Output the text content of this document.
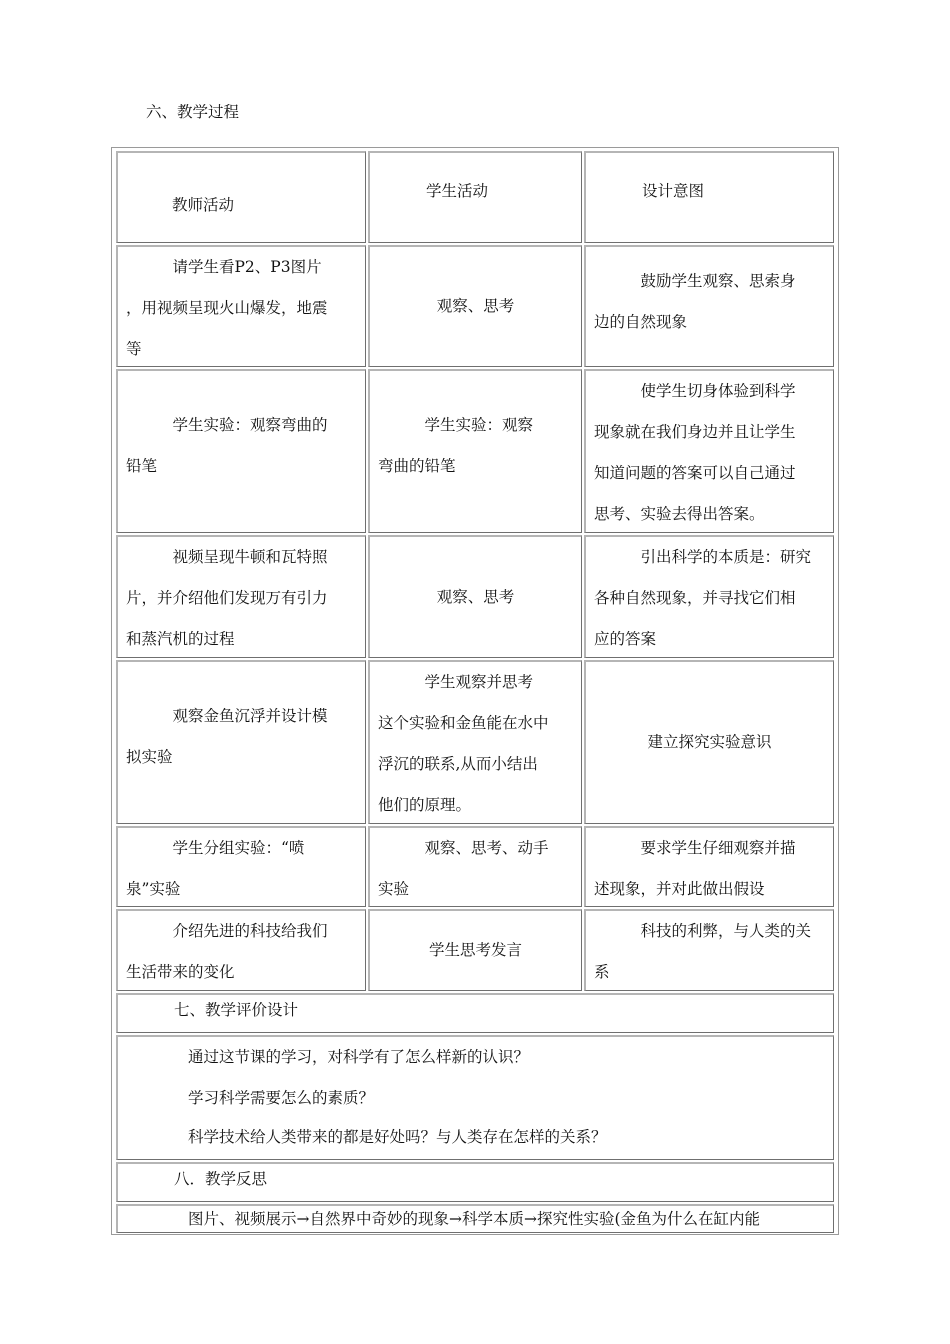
六、教学过程

教师活动

学生活动	设计意图

请学生看P2、P3图片

，用视频呈现火山爆发，地震

等

观察、思考

鼓励学生观察、思索身

边的自然现象

学生实验：观察弯曲的

铅笔

学生实验：观察

弯曲的铅笔

使学生切身体验到科学

现象就在我们身边并且让学生

知道问题的答案可以自己通过

思考、实验去得出答案。

视频呈现牛顿和瓦特照

片，并介绍他们发现万有引力

和蒸汽机的过程

观察、思考

引出科学的本质是：研究

各种自然现象，并寻找它们相

应的答案

观察金鱼沉浮并设计模

拟实验

学生观察并思考

这个实验和金鱼能在水中

浮沉的联系,从而小结出

他们的原理。

建立探究实验意识

学生分组实验：“喷

泉”实验

观察、思考、动手

实验

要求学生仔细观察并描

述现象，并对此做出假设

介绍先进的科技给我们

生活带来的变化

学生思考发言

科技的利弊，与人类的关

系

七、教学评价设计

通过这节课的学习，对科学有了怎么样新的认识？

学习科学需要怎么的素质？

科学技术给人类带来的都是好处吗？与人类存在怎样的关系？

八．教学反思

图片、视频展示→自然界中奇妙的现象→科学本质→探究性实验(金鱼为什么在缸内能
